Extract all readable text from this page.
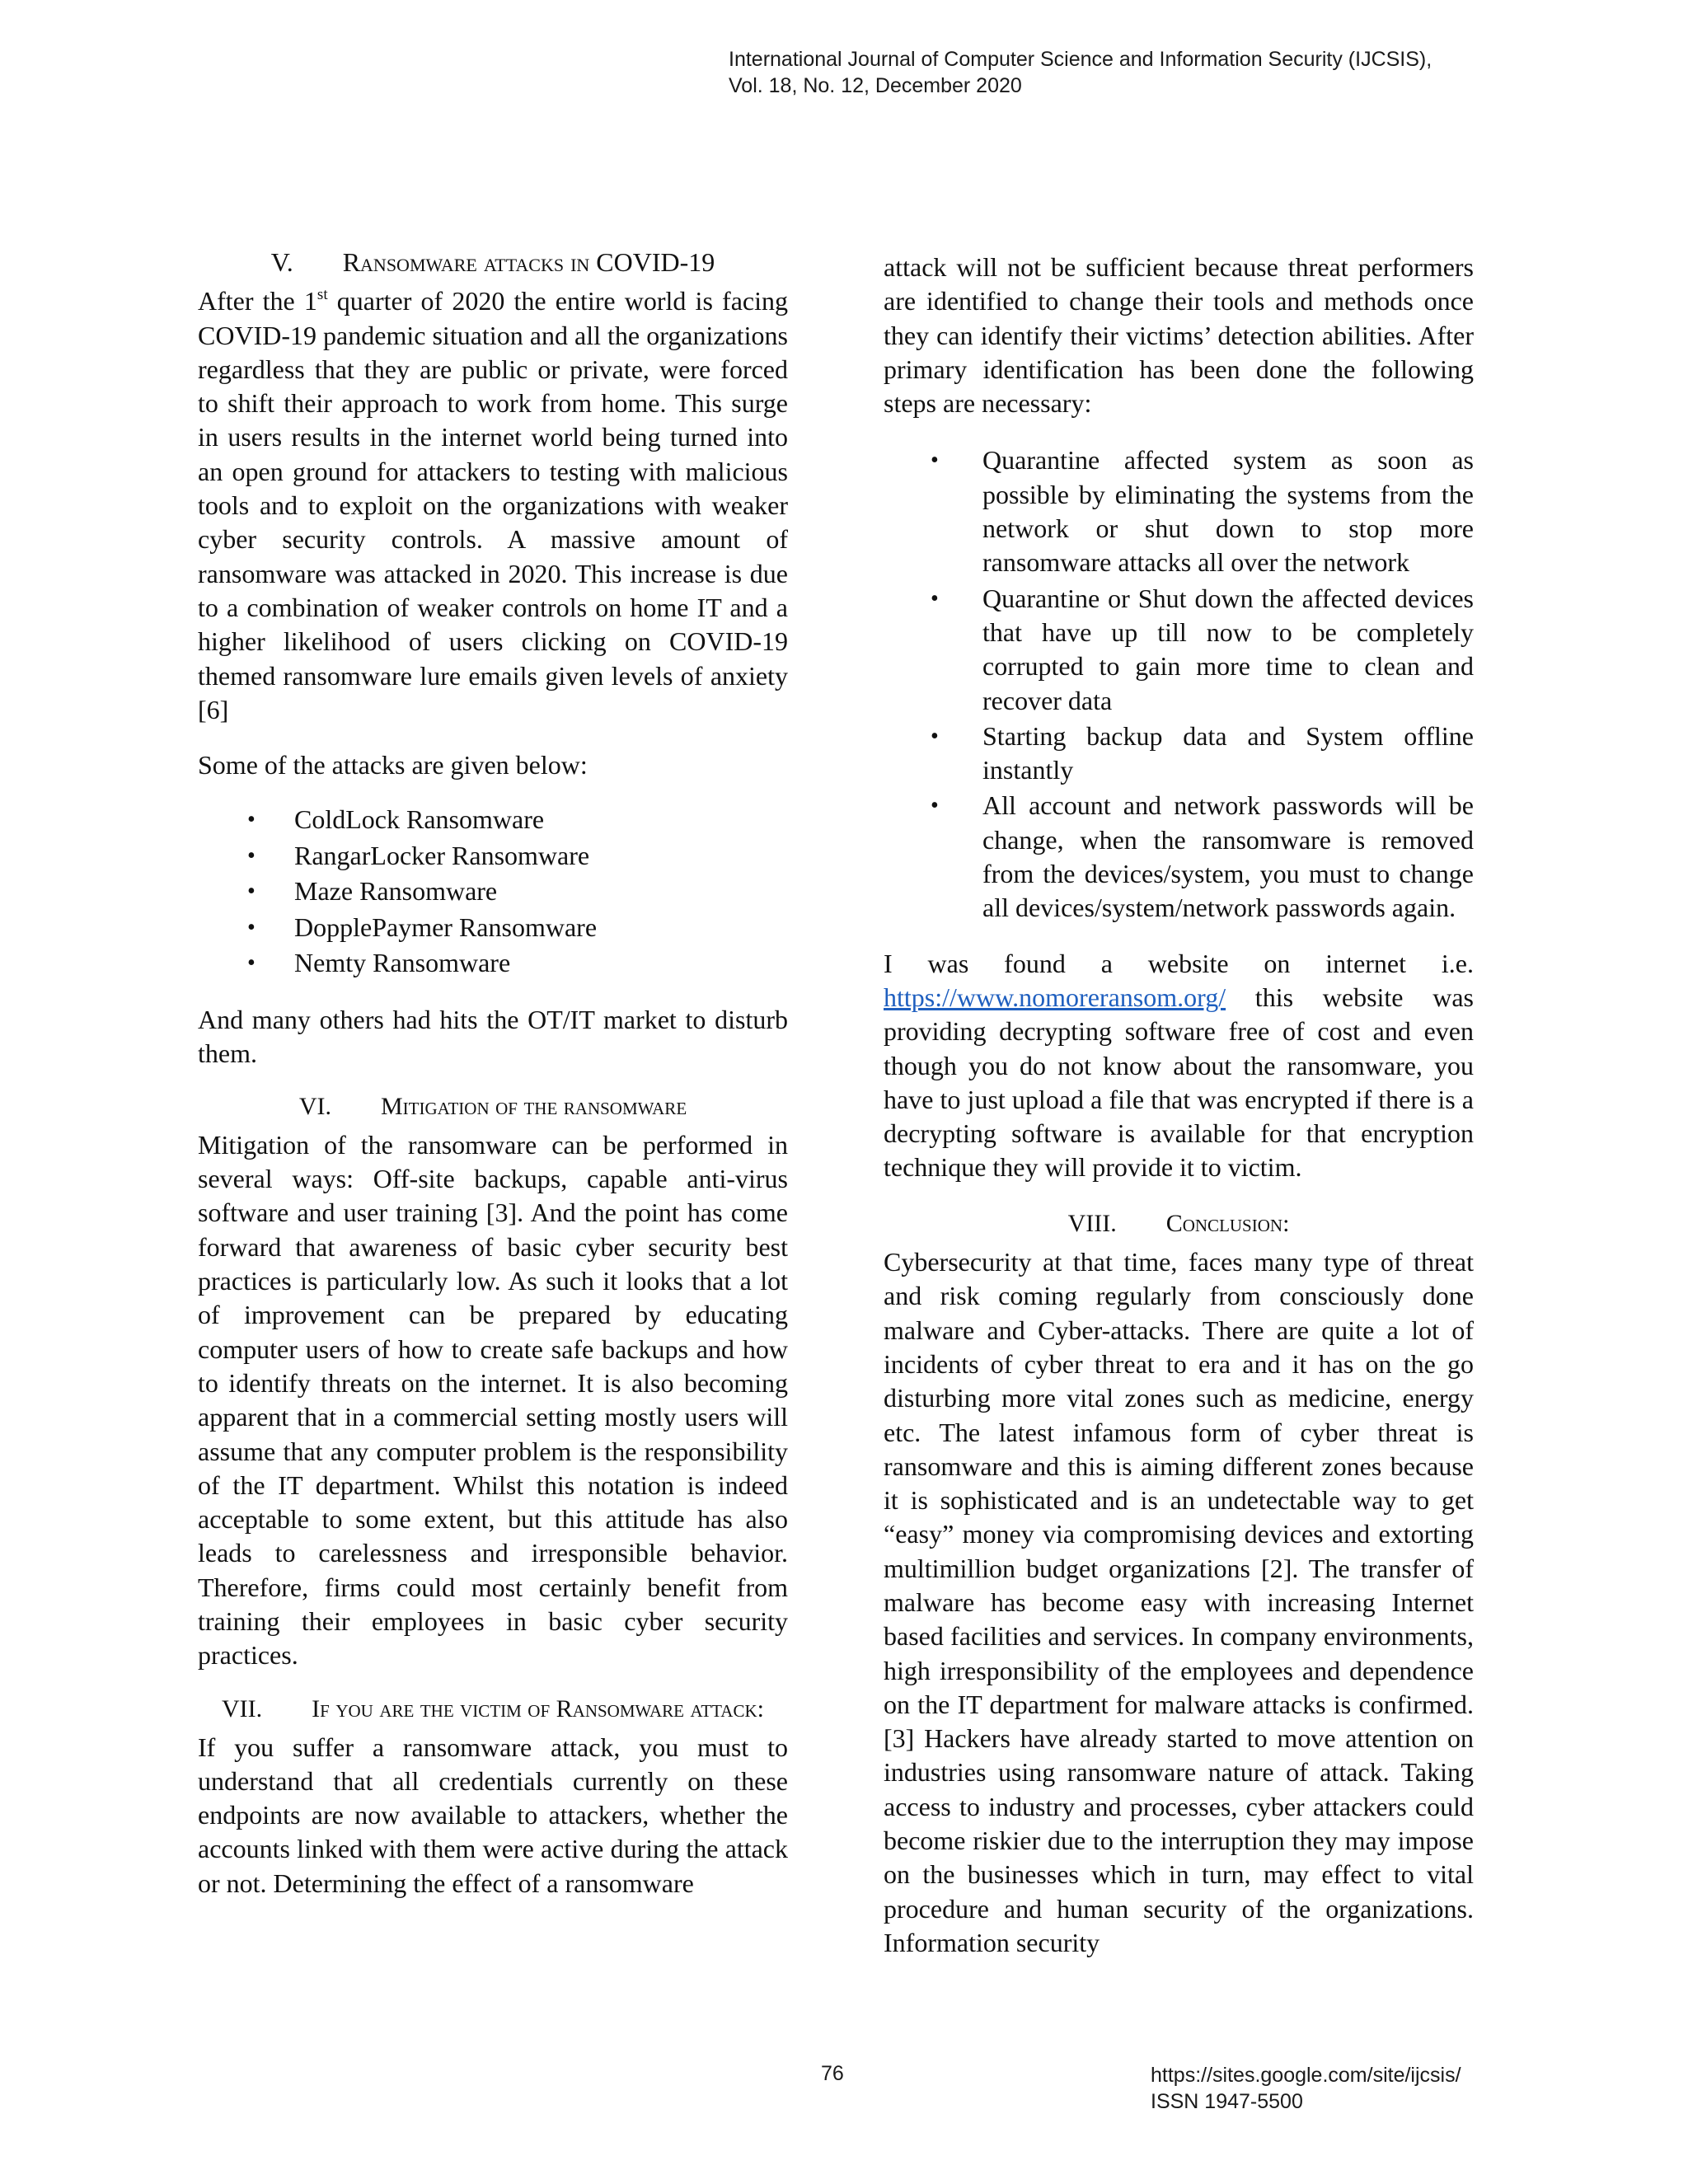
International Journal of Computer Science and Information Security (IJCSIS),
Vol. 18, No. 12, December 2020
V. Ransomware attacks in COVID-19

After the 1st quarter of 2020 the entire world is facing COVID-19 pandemic situation and all the organizations regardless that they are public or private, were forced to shift their approach to work from home. This surge in users results in the internet world being turned into an open ground for attackers to testing with malicious tools and to exploit on the organizations with weaker cyber security controls. A massive amount of ransomware was attacked in 2020. This increase is due to a combination of weaker controls on home IT and a higher likelihood of users clicking on COVID-19 themed ransomware lure emails given levels of anxiety [6]

Some of the attacks are given below:

• ColdLock Ransomware
• RangarLocker Ransomware
• Maze Ransomware
• DopplePaymer Ransomware
• Nemty Ransomware

And many others had hits the OT/IT market to disturb them.

VI. Mitigation of the ransomware

Mitigation of the ransomware can be performed in several ways: Off-site backups, capable anti-virus software and user training [3]. And the point has come forward that awareness of basic cyber security best practices is particularly low. As such it looks that a lot of improvement can be prepared by educating computer users of how to create safe backups and how to identify threats on the internet. It is also becoming apparent that in a commercial setting mostly users will assume that any computer problem is the responsibility of the IT department. Whilst this notation is indeed acceptable to some extent, but this attitude has also leads to carelessness and irresponsible behavior. Therefore, firms could most certainly benefit from training their employees in basic cyber security practices.

VII. If you are the victim of Ransomware attack:

If you suffer a ransomware attack, you must to understand that all credentials currently on these endpoints are now available to attackers, whether the accounts linked with them were active during the attack or not. Determining the effect of a ransomware

attack will not be sufficient because threat performers are identified to change their tools and methods once they can identify their victims’ detection abilities. After primary identification has been done the following steps are necessary:

• Quarantine affected system as soon as possible by eliminating the systems from the network or shut down to stop more ransomware attacks all over the network
• Quarantine or Shut down the affected devices that have up till now to be completely corrupted to gain more time to clean and recover data
• Starting backup data and System offline instantly
• All account and network passwords will be change, when the ransomware is removed from the devices/system, you must to change all devices/system/network passwords again.

I was found a website on internet i.e. https://www.nomoreransom.org/ this website was providing decrypting software free of cost and even though you do not know about the ransomware, you have to just upload a file that was encrypted if there is a decrypting software is available for that encryption technique they will provide it to victim.

VIII. Conclusion:

Cybersecurity at that time, faces many type of threat and risk coming regularly from consciously done malware and Cyber-attacks. There are quite a lot of incidents of cyber threat to era and it has on the go disturbing more vital zones such as medicine, energy etc. The latest infamous form of cyber threat is ransomware and this is aiming different zones because it is sophisticated and is an undetectable way to get “easy” money via compromising devices and extorting multimillion budget organizations [2]. The transfer of malware has become easy with increasing Internet based facilities and services. In company environments, high irresponsibility of the employees and dependence on the IT department for malware attacks is confirmed. [3] Hackers have already started to move attention on industries using ransomware nature of attack. Taking access to industry and processes, cyber attackers could become riskier due to the interruption they may impose on the businesses which in turn, may effect to vital procedure and human security of the organizations. Information security

76	https://sites.google.com/site/ijcsis/
ISSN 1947-5500
